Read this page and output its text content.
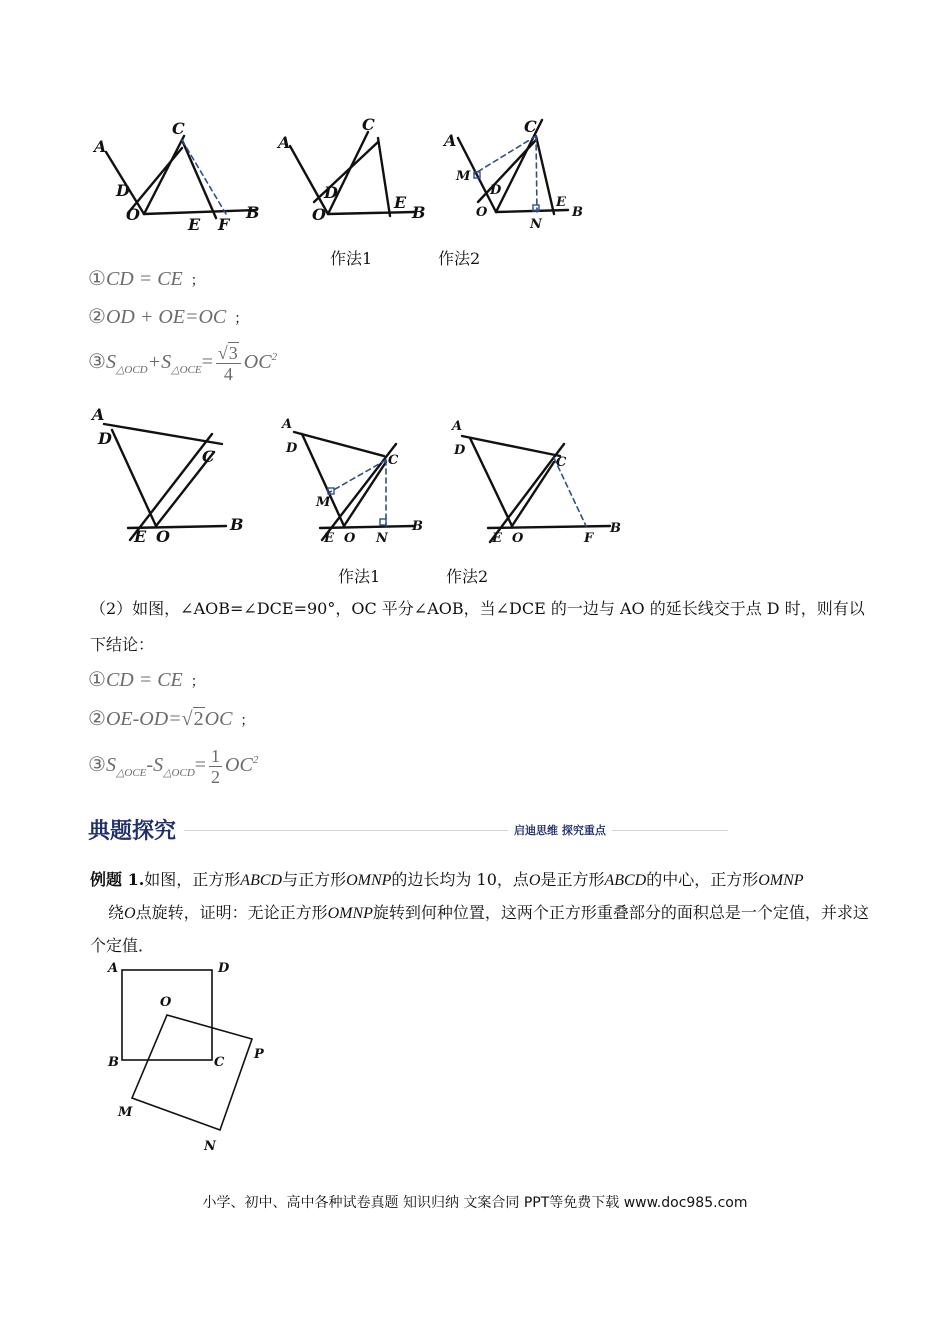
A
C
D
O
E F
B
A
C
D
O
E
B
A
C
M
D
O
E
N
B
作法1	作法2
①CD = CE ；
②OD + OE=OC ；
$③S_{\triangle OCD}+S_{\triangle OCE}= \frac{√3}{4} OC^2$
A
D
C
E O
B
A
D
C
M
E O N
B
A
D
C
E O	F
B
作法1	作法2
（2）如图，∠AOB=∠DCE=90°，OC 平分∠AOB，当∠DCE 的一边与 AO 的延长线交于点 D 时，则有以
下结论：
①CD = CE ；
②OE-OD=√2OC ；
$③S_{\triangle OCE}-S_{\triangle OCD}= \frac{1}{2} OC^2$
典题探究	启迪思维 探究重点
例题 1.如图，正方形ABCD与正方形OMNP的边长均为 10，点O是正方形ABCD的中心，正方形OMNP
绕O点旋转，证明：无论正方形OMNP旋转到何种位置，这两个正方形重叠部分的面积总是一个定值，并求这个定值．
A	D
O
B	C
P
M
N
小学、初中、高中各种试卷真题 知识归纳 文案合同 PPT等免费下载 www.doc985.com
